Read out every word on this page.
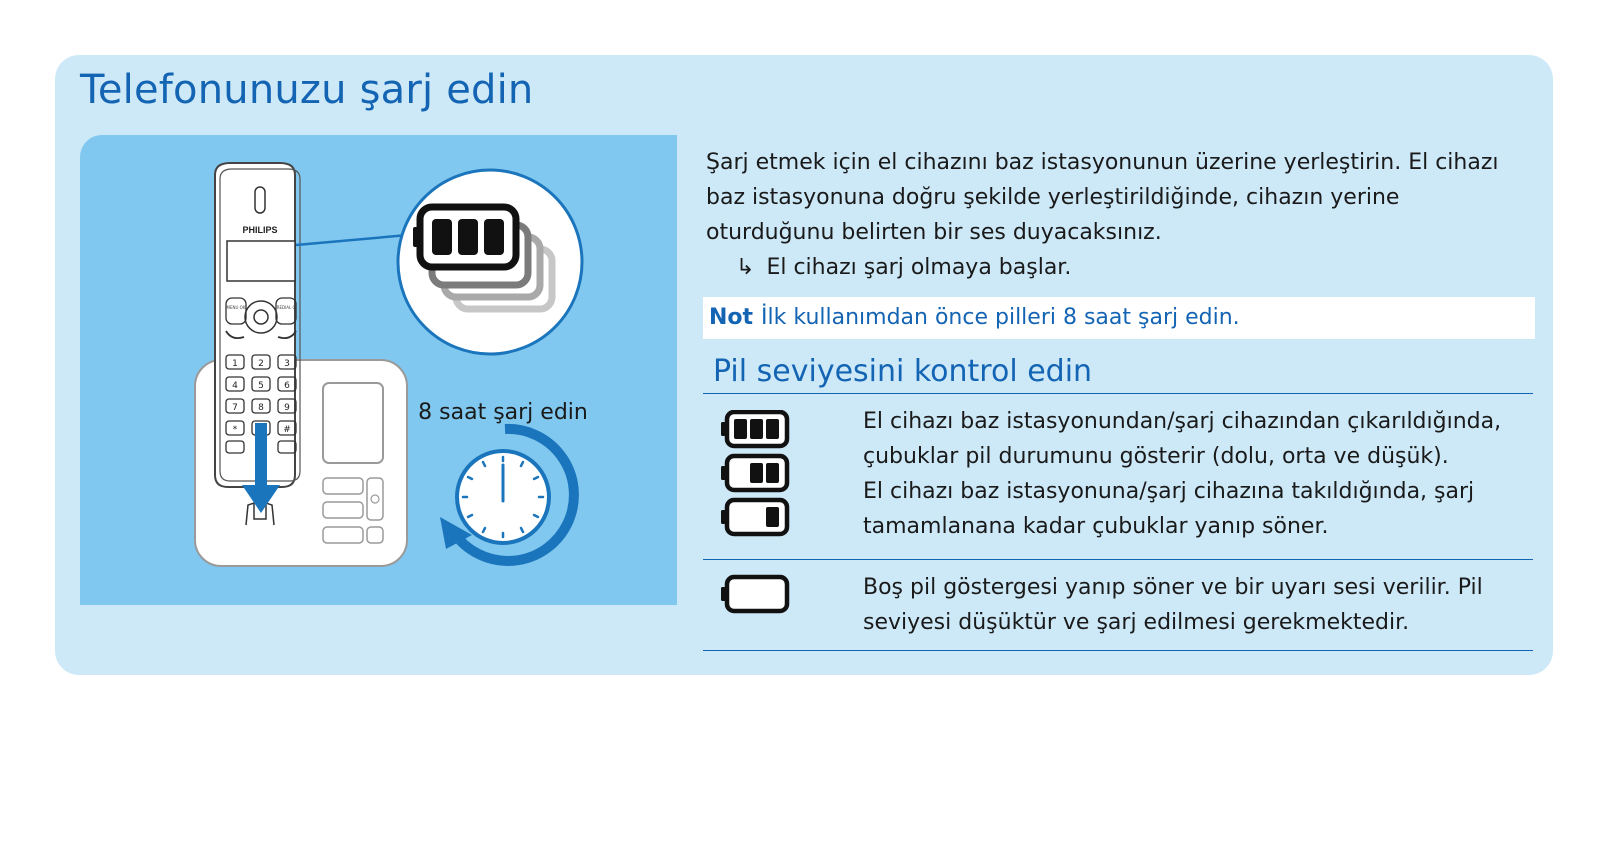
Telefonunuzu şarj edin
PHILIPS
1 2 3
4 5 6
7 8 9
*	#
MENU OK	REDIAL C
8 saat şarj edin

Şarj etmek için el cihazını baz istasyonunun üzerine yerleştirin. El cihazı baz istasyonuna doğru şekilde yerleştirildiğinde, cihazın yerine oturduğunu belirten bir ses duyacaksınız.

↳ El cihazı şarj olmaya başlar.

Not İlk kullanımdan önce pilleri 8 saat şarj edin.
Pil seviyesini kontrol edin

El cihazı baz istasyonundan/şarj cihazından çıkarıldığında, çubuklar pil durumunu gösterir (dolu, orta ve düşük).

El cihazı baz istasyonuna/şarj cihazına takıldığında, şarj tamamlanana kadar çubuklar yanıp söner.

Boş pil göstergesi yanıp söner ve bir uyarı sesi verilir. Pil seviyesi düşüktür ve şarj edilmesi gerekmektedir.
